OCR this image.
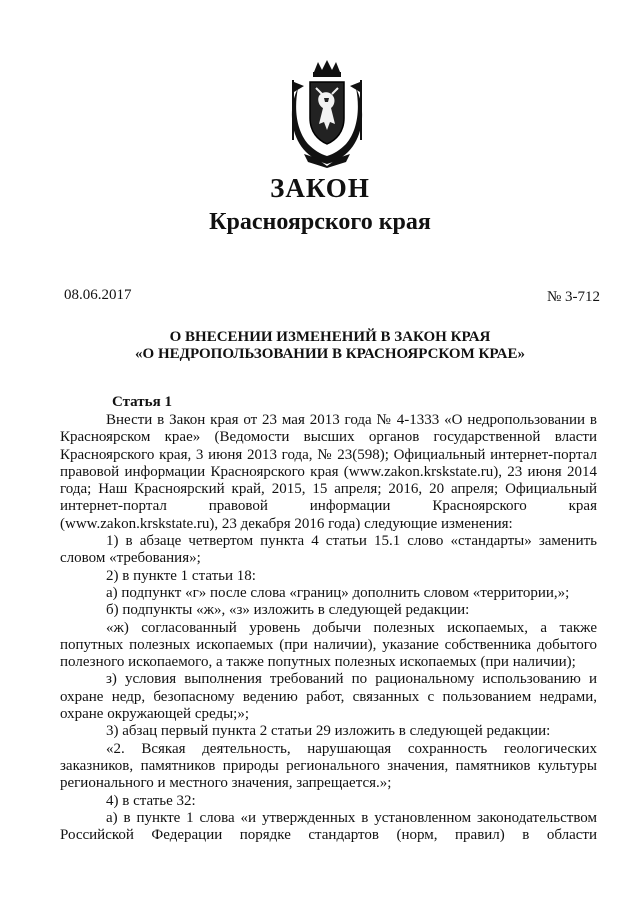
ЗАКОН
Красноярского края
08.06.2017	№ 3-712
О ВНЕСЕНИИ ИЗМЕНЕНИЙ В ЗАКОН КРАЯ
«О НЕДРОПОЛЬЗОВАНИИ В КРАСНОЯРСКОМ КРАЕ»
Статья 1

Внести в Закон края от 23 мая 2013 года № 4-1333 «О недропользовании в Красноярском крае» (Ведомости высших органов государственной власти Красноярского края, 3 июня 2013 года, № 23(598); Официальный интернет-портал правовой информации Красноярского края (www.zakon.krskstate.ru), 23 июня 2014 года; Наш Красноярский край, 2015, 15 апреля; 2016, 20 апреля; Официальный интернет-портал правовой информации Красноярского края (www.zakon.krskstate.ru), 23 декабря 2016 года) следующие изменения:

1) в абзаце четвертом пункта 4 статьи 15.1 слово «стандарты» заменить словом «требования»;

2) в пункте 1 статьи 18:

а) подпункт «г» после слова «границ» дополнить словом «территории,»;

б) подпункты «ж», «з» изложить в следующей редакции:

«ж) согласованный уровень добычи полезных ископаемых, а также попутных полезных ископаемых (при наличии), указание собственника добытого полезного ископаемого, а также попутных полезных ископаемых (при наличии);

з) условия выполнения требований по рациональному использованию и охране недр, безопасному ведению работ, связанных с пользованием недрами, охране окружающей среды;»;

3) абзац первый пункта 2 статьи 29 изложить в следующей редакции:

«2. Всякая деятельность, нарушающая сохранность геологических заказников, памятников природы регионального значения, памятников культуры регионального и местного значения, запрещается.»;

4) в статье 32:

а) в пункте 1 слова «и утвержденных в установленном законодательством Российской Федерации порядке стандартов (норм, правил) в области
